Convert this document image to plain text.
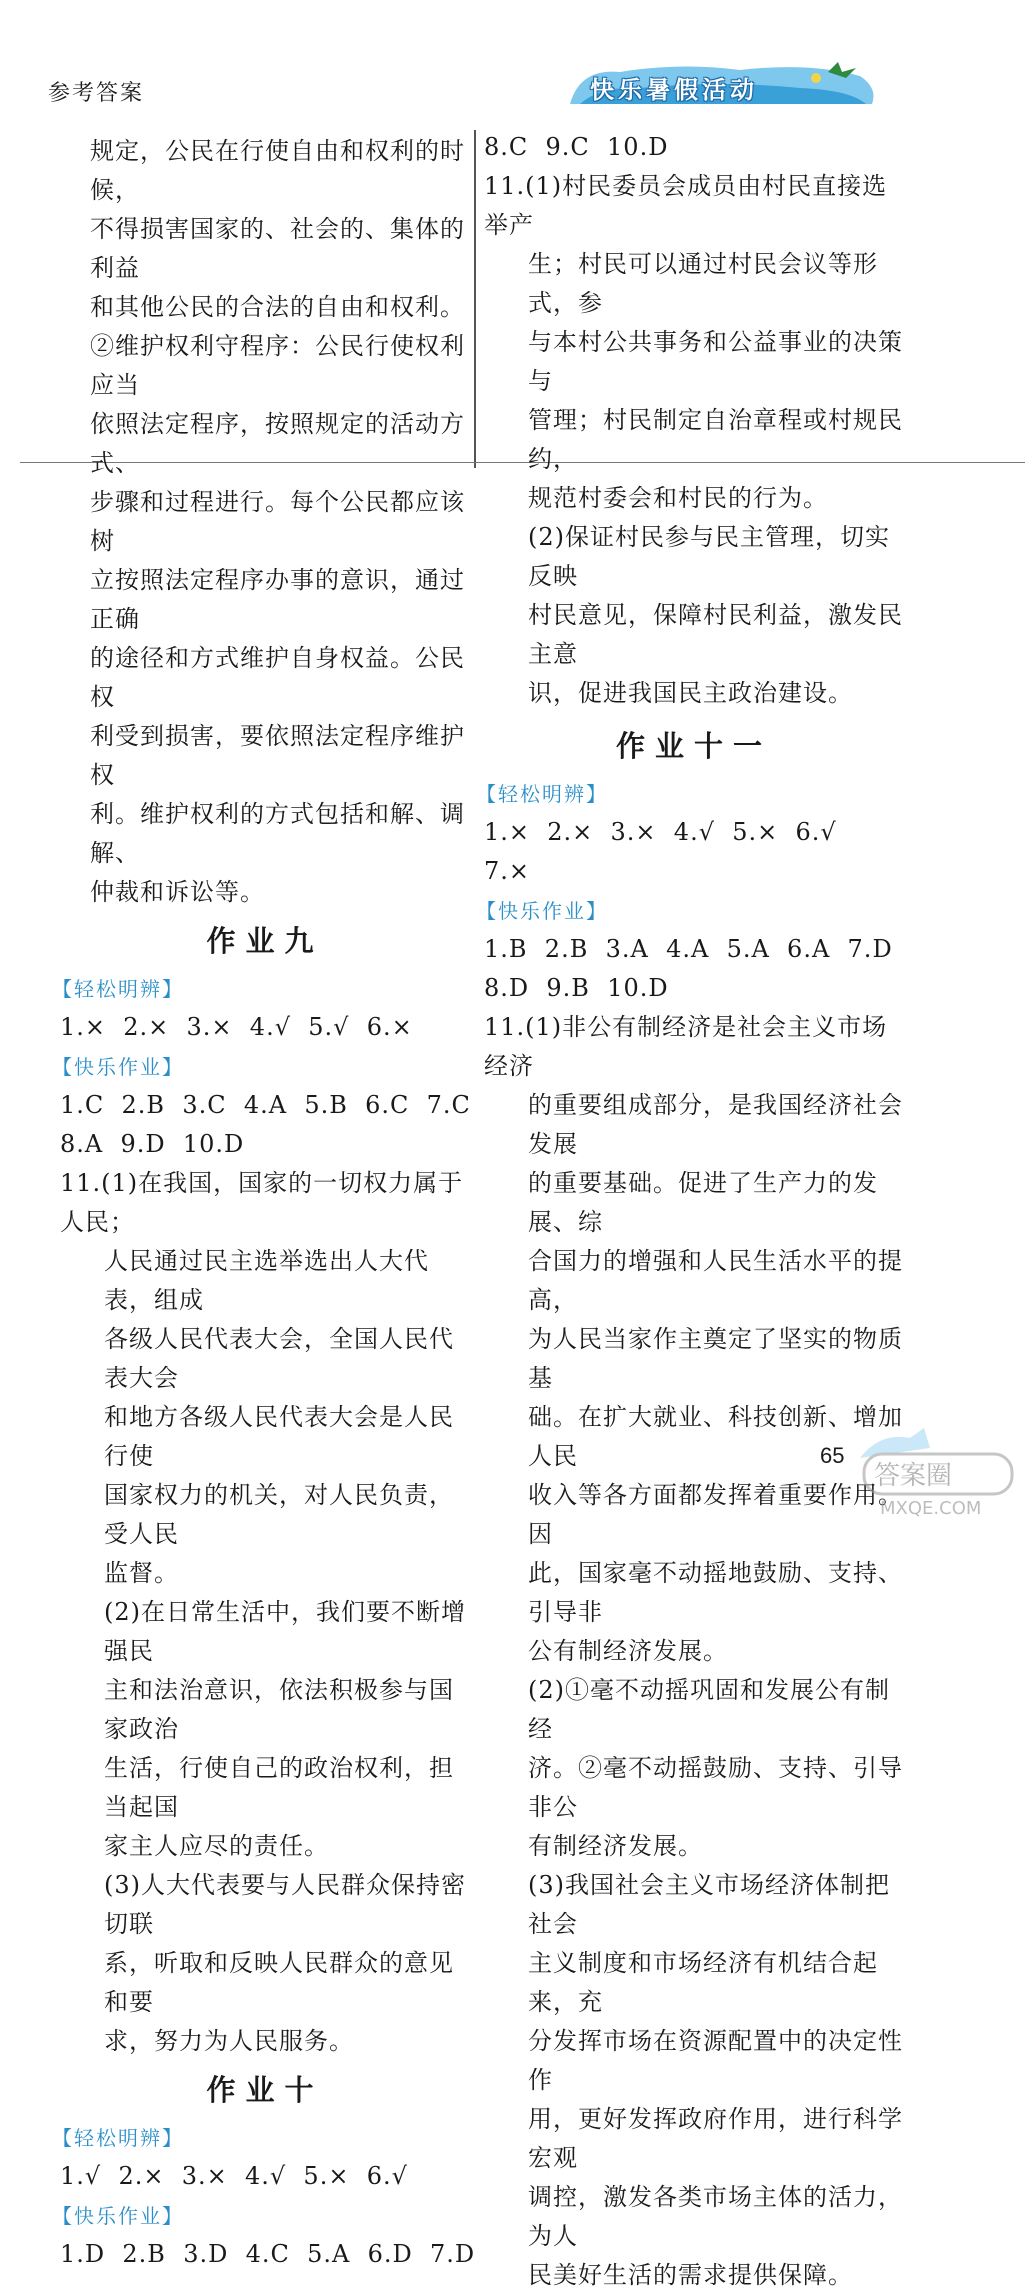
参考答案	快乐暑假活动

规定，公民在行使自由和权利的时候，

不得损害国家的、社会的、集体的利益

和其他公民的合法的自由和权利。

②维护权利守程序：公民行使权利应当

依照法定程序，按照规定的活动方式、

步骤和过程进行。每个公民都应该树

立按照法定程序办事的意识，通过正确

的途径和方式维护自身权益。公民权

利受到损害，要依照法定程序维护权

利。维护权利的方式包括和解、调解、

仲裁和诉讼等。

作业九
【轻松明辨】

1.×  2.×  3.×  4.√  5.√  6.×

【快乐作业】

1.C  2.B  3.C  4.A  5.B  6.C  7.C

8.A  9.D  10.D

11.(1)在我国，国家的一切权力属于人民；

人民通过民主选举选出人大代表，组成

各级人民代表大会，全国人民代表大会

和地方各级人民代表大会是人民行使

国家权力的机关，对人民负责，受人民

监督。

(2)在日常生活中，我们要不断增强民

主和法治意识，依法积极参与国家政治

生活，行使自己的政治权利，担当起国

家主人应尽的责任。

(3)人大代表要与人民群众保持密切联

系，听取和反映人民群众的意见和要

求，努力为人民服务。

作业十
【轻松明辨】

1.√  2.×  3.×  4.√  5.×  6.√

【快乐作业】

1.D  2.B  3.D  4.C  5.A  6.D  7.D

8.C  9.C  10.D

11.(1)村民委员会成员由村民直接选举产

生；村民可以通过村民会议等形式，参

与本村公共事务和公益事业的决策与

管理；村民制定自治章程或村规民约，

规范村委会和村民的行为。

(2)保证村民参与民主管理，切实反映

村民意见，保障村民利益，激发民主意

识，促进我国民主政治建设。

作业十一
【轻松明辨】

1.×  2.×  3.×  4.√  5.×  6.√

7.×

【快乐作业】

1.B  2.B  3.A  4.A  5.A  6.A  7.D

8.D  9.B  10.D

11.(1)非公有制经济是社会主义市场经济

的重要组成部分，是我国经济社会发展

的重要基础。促进了生产力的发展、综

合国力的增强和人民生活水平的提高，

为人民当家作主奠定了坚实的物质基

础。在扩大就业、科技创新、增加人民

收入等各方面都发挥着重要作用。因

此，国家毫不动摇地鼓励、支持、引导非

公有制经济发展。

(2)①毫不动摇巩固和发展公有制经

济。②毫不动摇鼓励、支持、引导非公

有制经济发展。

(3)我国社会主义市场经济体制把社会

主义制度和市场经济有机结合起来，充

分发挥市场在资源配置中的决定性作

用，更好发挥政府作用，进行科学宏观

调控，激发各类市场主体的活力，为人

民美好生活的需求提供保障。

65
答案圈
MXQE.COM
